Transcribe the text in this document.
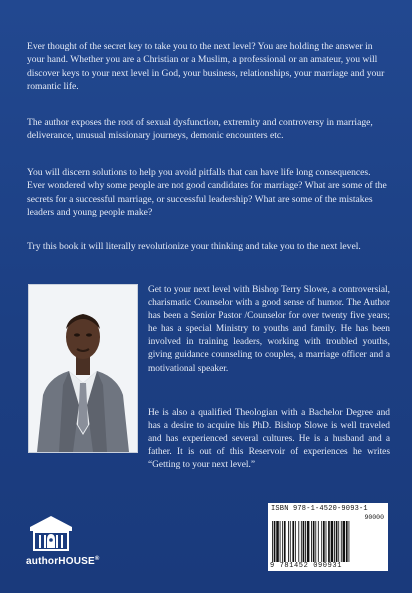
Ever thought of the secret key to take you to the next level? You are holding the answer in your hand. Whether you are a Christian or a Muslim, a professional or an amateur, you will discover keys to your next level in God, your business, relationships, your marriage and your romantic life.

The author exposes the root of sexual dysfunction, extremity and controversy in marriage, deliverance, unusual missionary journeys, demonic encounters etc.

You will discern solutions to help you avoid pitfalls that can have life long consequences. Ever wondered why some people are not good candidates for marriage? What are some of the secrets for a successful marriage, or successful leadership? What are some of the mistakes leaders and young people make?

Try this book it will literally revolutionize your thinking and take you to the next level.

Get to your next level with Bishop Terry Slowe, a controversial, charismatic Counselor with a good sense of humor. The Author has been a Senior Pastor /Counselor for over twenty five years; he has a special Ministry to youths and family. He has been involved in training leaders, working with troubled youths, giving guidance counseling to couples, a marriage officer and a motivational speaker.

He is also a qualified Theologian with a Bachelor Degree and has a desire to acquire his PhD. Bishop Slowe is well traveled and has experienced several cultures. He is a husband and a father. It is out of this Reservoir of experiences he writes “Getting to your next level.”

authorHOUSE®
ISBN 978-1-4520-9093-1
90000
9 781452 090931
